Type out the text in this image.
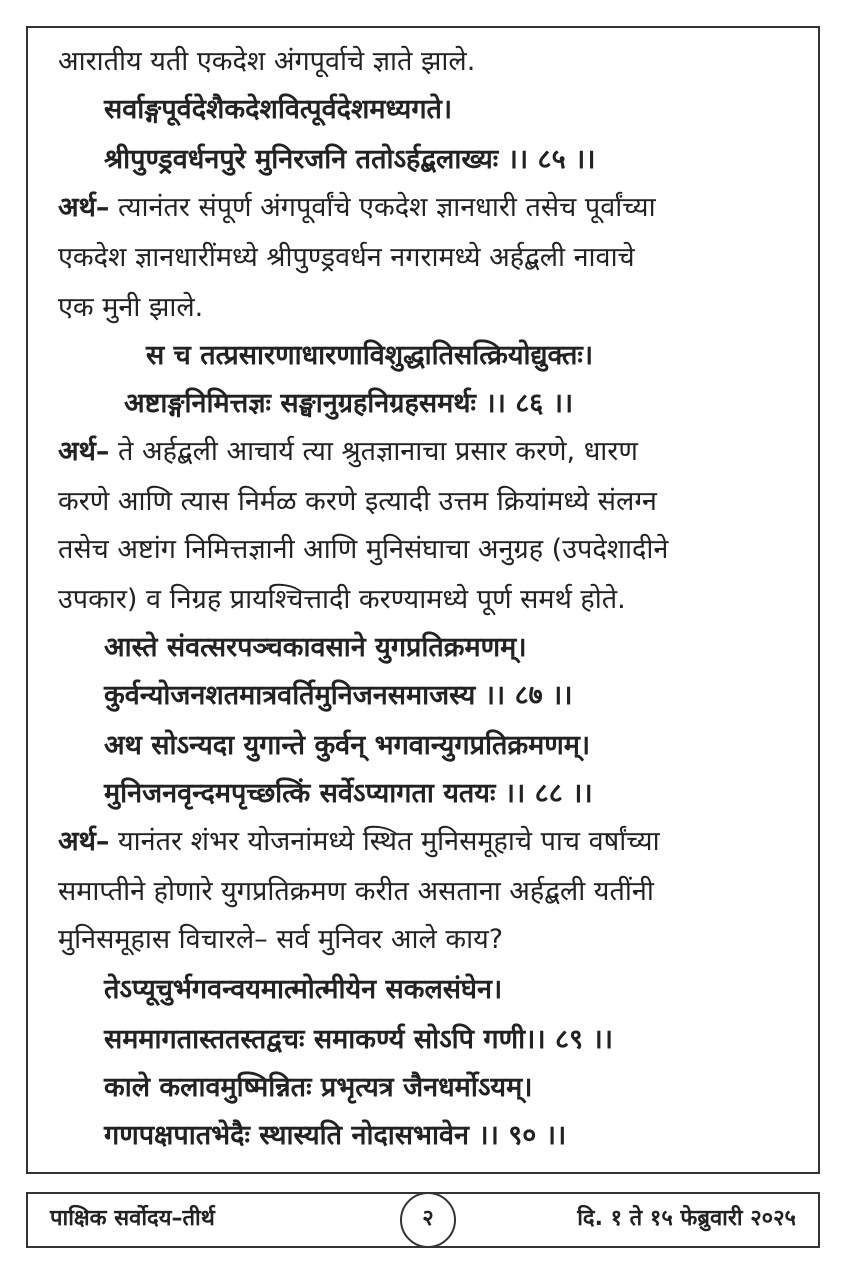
आरातीय यती एकदेश अंगपूर्वाचे ज्ञाते झाले.
सर्वाङ्गपूर्वदेशैकदेशवित्पूर्वदेशमध्यगते।
श्रीपुण्ड्रवर्धनपुरे मुनिरजनि ततोऽर्हद्बलाख्यः ।। ८५ ।।
अर्थ– त्यानंतर संपूर्ण अंगपूर्वांचे एकदेश ज्ञानधारी तसेच पूर्वांच्या
एकदेश ज्ञानधारींमध्ये श्रीपुण्ड्रवर्धन नगरामध्ये अर्हद्बली नावाचे
एक मुनी झाले.
स च तत्प्रसारणाधारणाविशुद्धातिसत्क्रियोद्युक्तः।
अष्टाङ्गनिमित्तज्ञः सङ्घानुग्रहनिग्रहसमर्थः ।। ८६ ।।
अर्थ– ते अर्हद्बली आचार्य त्या श्रुतज्ञानाचा प्रसार करणे, धारण
करणे आणि त्यास निर्मळ करणे इत्यादी उत्तम क्रियांमध्ये संलग्न
तसेच अष्टांग निमित्तज्ञानी आणि मुनिसंघाचा अनुग्रह (उपदेशादीने
उपकार) व निग्रह प्रायश्चित्तादी करण्यामध्ये पूर्ण समर्थ होते.
आस्ते संवत्सरपञ्चकावसाने युगप्रतिक्रमणम्।
कुर्वन्योजनशतमात्रवर्तिमुनिजनसमाजस्य ।। ८७ ।।
अथ सोऽन्यदा युगान्ते कुर्वन् भगवान्युगप्रतिक्रमणम्।
मुनिजनवृन्दमपृच्छत्किं सर्वेऽप्यागता यतयः ।। ८८ ।।
अर्थ– यानंतर शंभर योजनांमध्ये स्थित मुनिसमूहाचे पाच वर्षांच्या
समाप्तीने होणारे युगप्रतिक्रमण करीत असताना अर्हद्बली यतींनी
मुनिसमूहास विचारले– सर्व मुनिवर आले काय?
तेऽप्यूचुर्भगवन्वयमात्मोत्मीयेन सकलसंघेन।
सममागतास्ततस्तद्वचः समाकर्ण्य सोऽपि गणी।। ८९ ।।
काले कलावमुष्मिन्नितः प्रभृत्यत्र जैनधर्मोऽयम्।
गणपक्षपातभेदैः स्थास्यति नोदासभावेन ।। ९० ।।
पाक्षिक सर्वोदय–तीर्थ	२	दि. १ ते १५ फेब्रुवारी २०२५
